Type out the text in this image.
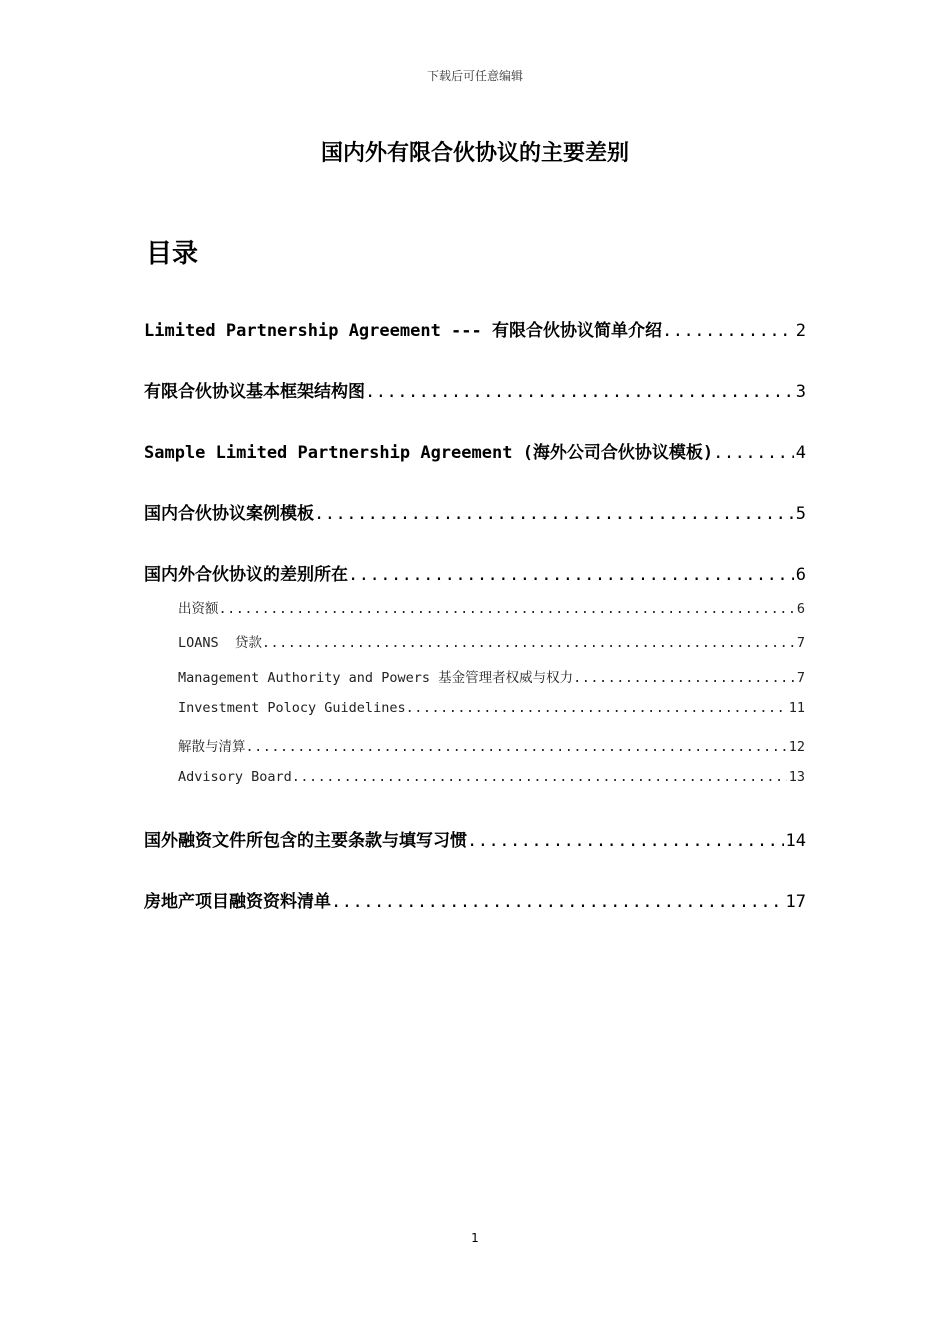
下载后可任意编辑
国内外有限合伙协议的主要差别
目录
Limited Partnership Agreement --- 有限合伙协议简单介绍 .....	2
有限合伙协议基本框架结构图 .....	3
Sample Limited Partnership Agreement (海外公司合伙协议模板) .....	4
国内合伙协议案例模板 .....	5
国内外合伙协议的差别所在 .....	6
出资额 .....	6
LOANS  贷款 .....	7
Management Authority and Powers 基金管理者权威与权力 .....	7
Investment Polocy Guidelines .....	11
解散与清算 .....	12
Advisory Board .....	13
国外融资文件所包含的主要条款与填写习惯 .....	14
房地产项目融资资料清单 .....	17
1
